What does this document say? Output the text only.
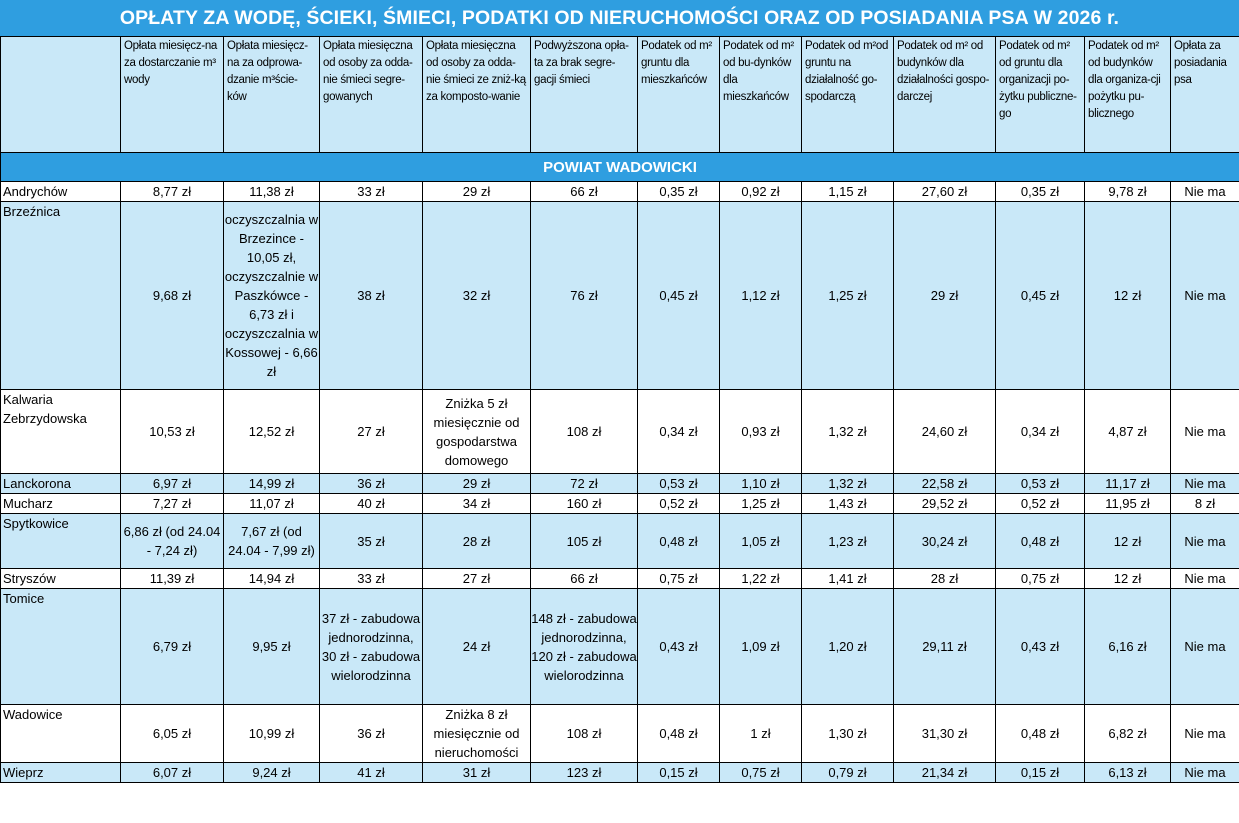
OPŁATY ZA WODĘ, ŚCIEKI, ŚMIECI, PODATKI OD NIERUCHOMOŚCI ORAZ OD POSIADANIA PSA W 2026 r.
	Opłata miesięcz-na za dostarczanie m³ wody	Opłata miesięcz-na za odprowa-dzanie m³ście-ków	Opłata miesięczna od osoby za odda-nie śmieci segre-gowanych	Opłata miesięczna od osoby za odda-nie śmieci ze zniż-ką za komposto-wanie	Podwyższona opła-ta za brak segre-gacji śmieci	Podatek od m² gruntu dla mieszkańców	Podatek od m² od bu-dynków dla mieszkańców	Podatek od m²od gruntu na działalność go-spodarczą	Podatek od m² od budynków dla działalności gospo-darczej	Podatek od m² od gruntu dla organizacji po-żytku publiczne-go	Podatek od m² od budynków dla organiza-cji pożytku pu-blicznego	Opłata za posiadania psa
POWIAT WADOWICKI												
Andrychów	8,77 zł	11,38 zł	33 zł	29 zł	66 zł	0,35 zł	0,92 zł	1,15 zł	27,60 zł	0,35 zł	9,78 zł	Nie ma
Brzeźnica	9,68 zł	oczyszczalnia w Brzezince - 10,05 zł, oczyszczalnie w Paszkówce - 6,73 zł i oczyszczalnia w Kossowej - 6,66 zł	38 zł	32 zł	76 zł	0,45 zł	1,12 zł	1,25 zł	29 zł	0,45 zł	12 zł	Nie ma
Kalwaria Zebrzydowska	10,53 zł	12,52 zł	27 zł	Zniżka 5 zł miesięcznie od gospodarstwa domowego	108 zł	0,34 zł	0,93 zł	1,32 zł	24,60 zł	0,34 zł	4,87 zł	Nie ma
Lanckorona	6,97 zł	14,99 zł	36 zł	29 zł	72 zł	0,53 zł	1,10 zł	1,32 zł	22,58 zł	0,53 zł	11,17 zł	Nie ma
Mucharz	7,27 zł	11,07 zł	40 zł	34 zł	160 zł	0,52 zł	1,25 zł	1,43 zł	29,52 zł	0,52 zł	11,95 zł	8 zł
Spytkowice	6,86 zł (od 24.04 - 7,24 zł)	7,67 zł (od 24.04 - 7,99 zł)	35 zł	28 zł	105 zł	0,48 zł	1,05 zł	1,23 zł	30,24 zł	0,48 zł	12 zł	Nie ma
Stryszów	11,39 zł	14,94 zł	33 zł	27 zł	66 zł	0,75 zł	1,22 zł	1,41 zł	28 zł	0,75 zł	12 zł	Nie ma
Tomice	6,79 zł	9,95 zł	37 zł - zabudowa jednorodzinna, 30 zł - zabudowa wielorodzinna	24 zł	148 zł - zabudowa jednorodzinna, 120 zł - zabudowa wielorodzinna	0,43 zł	1,09 zł	1,20 zł	29,11 zł	0,43 zł	6,16 zł	Nie ma
Wadowice	6,05 zł	10,99 zł	36 zł	Zniżka 8 zł miesięcznie od nieruchomości	108 zł	0,48 zł	1 zł	1,30 zł	31,30 zł	0,48 zł	6,82 zł	Nie ma
Wieprz	6,07 zł	9,24 zł	41 zł	31 zł	123 zł	0,15 zł	0,75 zł	0,79 zł	21,34 zł	0,15 zł	6,13 zł	Nie ma
